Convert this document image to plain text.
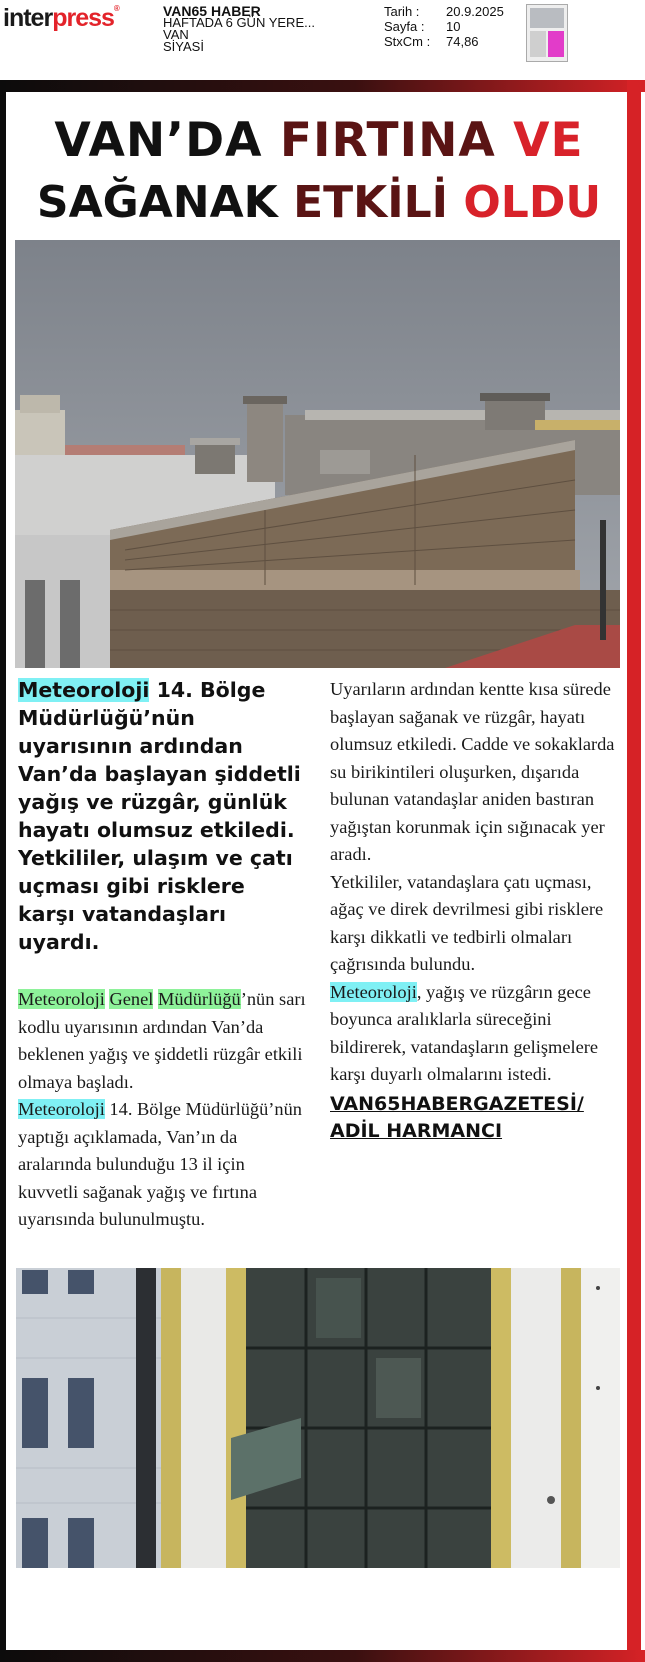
interpress®	VAN65 HABER
HAFTADA 6 GÜN YERE...
VAN
SİYASİ
Tarih :	20.9.2025
Sayfa :	10
StxCm :	74,86
VAN’DA FIRTINA VE
SAĞANAK ETKİLİ OLDU

Meteoroloji 14. Bölge Müdürlüğü’nün uyarısının ardından Van’da başlayan şiddetli yağış ve rüzgâr, günlük hayatı olumsuz etkiledi. Yetkililer, ulaşım ve çatı uçması gibi risklere karşı vatandaşları uyardı.

Meteoroloji Genel Müdürlüğü’nün sarı kodlu uyarısının ardından Van’da beklenen yağış ve şiddetli rüzgâr etkili olmaya başladı.

Meteoroloji 14. Bölge Müdürlüğü’nün yaptığı açıklamada, Van’ın da aralarında bulunduğu 13 il için kuvvetli sağanak yağış ve fırtına uyarısında bulunulmuştu.

Uyarıların ardından kentte kısa sürede başlayan sağanak ve rüzgâr, hayatı olumsuz etkiledi. Cadde ve sokaklarda su birikintileri oluşurken, dışarıda bulunan vatandaşlar aniden bastıran yağıştan korunmak için sığınacak yer aradı.

Yetkililer, vatandaşlara çatı uçması, ağaç ve direk devrilmesi gibi risklere karşı dikkatli ve tedbirli olmaları çağrısında bulundu.

Meteoroloji, yağış ve rüzgârın gece boyunca aralıklarla süreceğini bildirerek, vatandaşların gelişmelere karşı duyarlı olmalarını istedi.

VAN65HABERGAZETESİ/
ADİL HARMANCI
